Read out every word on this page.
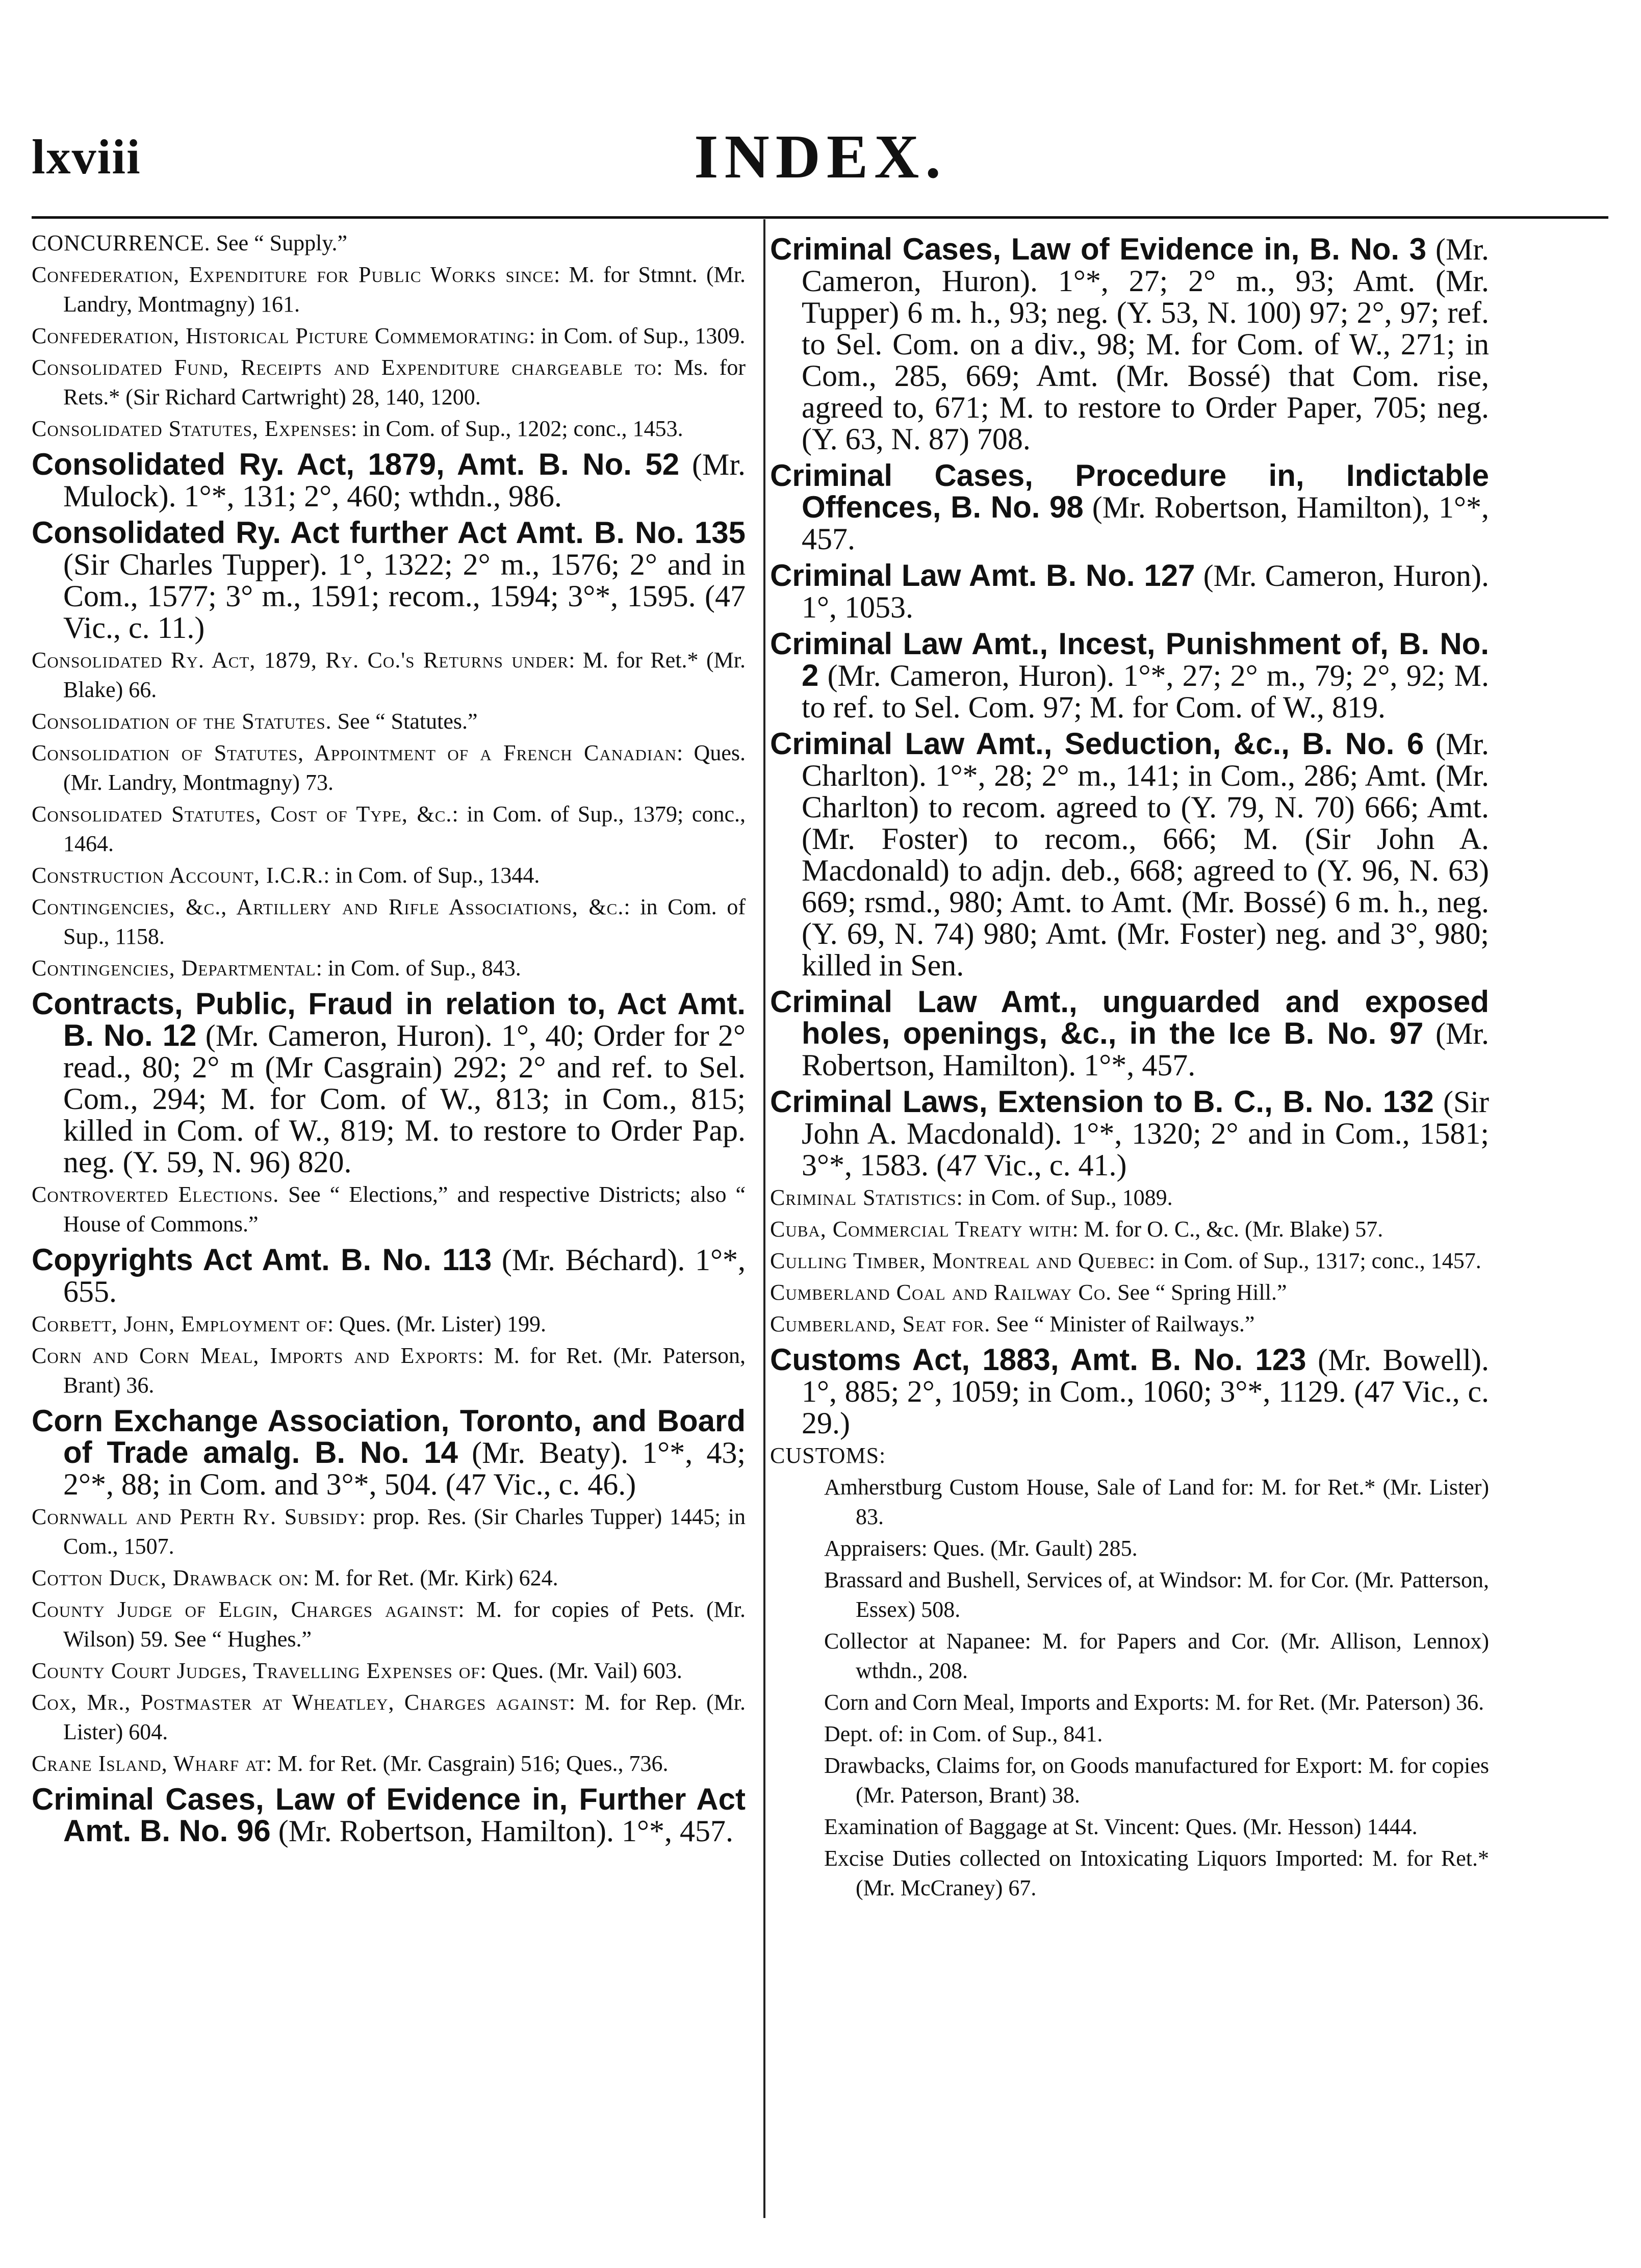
lxviii	INDEX.
CONCURRENCE. See “ Supply.”
Confederation, Expenditure for Public Works since: M. for Stmnt. (Mr. Landry, Montmagny) 161.
Confederation, Historical Picture Commemorating: in Com. of Sup., 1309.
Consolidated Fund, Receipts and Expenditure chargeable to: Ms. for Rets.* (Sir Richard Cartwright) 28, 140, 1200.
Consolidated Statutes, Expenses: in Com. of Sup., 1202; conc., 1453.
Consolidated Ry. Act, 1879, Amt. B. No. 52 (Mr. Mulock). 1°*, 131; 2°, 460; wthdn., 986.
Consolidated Ry. Act further Act Amt. B. No. 135 (Sir Charles Tupper). 1°, 1322; 2° m., 1576; 2° and in Com., 1577; 3° m., 1591; recom., 1594; 3°*, 1595. (47 Vic., c. 11.)
Consolidated Ry. Act, 1879, Ry. Co.'s Returns under: M. for Ret.* (Mr. Blake) 66.
Consolidation of the Statutes. See “ Statutes.”
Consolidation of Statutes, Appointment of a French Canadian: Ques. (Mr. Landry, Montmagny) 73.
Consolidated Statutes, Cost of Type, &c.: in Com. of Sup., 1379; conc., 1464.
Construction Account, I.C.R.: in Com. of Sup., 1344.
Contingencies, &c., Artillery and Rifle Associations, &c.: in Com. of Sup., 1158.
Contingencies, Departmental: in Com. of Sup., 843.
Contracts, Public, Fraud in relation to, Act Amt. B. No. 12 (Mr. Cameron, Huron). 1°, 40; Order for 2° read., 80; 2° m (Mr Casgrain) 292; 2° and ref. to Sel. Com., 294; M. for Com. of W., 813; in Com., 815; killed in Com. of W., 819; M. to restore to Order Pap. neg. (Y. 59, N. 96) 820.
Controverted Elections. See “ Elections,” and respective Districts; also “ House of Commons.”
Copyrights Act Amt. B. No. 113 (Mr. Béchard). 1°*, 655.
Corbett, John, Employment of: Ques. (Mr. Lister) 199.
Corn and Corn Meal, Imports and Exports: M. for Ret. (Mr. Paterson, Brant) 36.
Corn Exchange Association, Toronto, and Board of Trade amalg. B. No. 14 (Mr. Beaty). 1°*, 43; 2°*, 88; in Com. and 3°*, 504. (47 Vic., c. 46.)
Cornwall and Perth Ry. Subsidy: prop. Res. (Sir Charles Tupper) 1445; in Com., 1507.
Cotton Duck, Drawback on: M. for Ret. (Mr. Kirk) 624.
County Judge of Elgin, Charges against: M. for copies of Pets. (Mr. Wilson) 59. See “ Hughes.”
County Court Judges, Travelling Expenses of: Ques. (Mr. Vail) 603.
Cox, Mr., Postmaster at Wheatley, Charges against: M. for Rep. (Mr. Lister) 604.
Crane Island, Wharf at: M. for Ret. (Mr. Casgrain) 516; Ques., 736.
Criminal Cases, Law of Evidence in, Further Act Amt. B. No. 96 (Mr. Robertson, Hamilton). 1°*, 457.
Criminal Cases, Law of Evidence in, B. No. 3 (Mr. Cameron, Huron). 1°*, 27; 2° m., 93; Amt. (Mr. Tupper) 6 m. h., 93; neg. (Y. 53, N. 100) 97; 2°, 97; ref. to Sel. Com. on a div., 98; M. for Com. of W., 271; in Com., 285, 669; Amt. (Mr. Bossé) that Com. rise, agreed to, 671; M. to restore to Order Paper, 705; neg. (Y. 63, N. 87) 708.
Criminal Cases, Procedure in, Indictable Offences, B. No. 98 (Mr. Robertson, Hamilton), 1°*, 457.
Criminal Law Amt. B. No. 127 (Mr. Cameron, Huron). 1°, 1053.
Criminal Law Amt., Incest, Punishment of, B. No. 2 (Mr. Cameron, Huron). 1°*, 27; 2° m., 79; 2°, 92; M. to ref. to Sel. Com. 97; M. for Com. of W., 819.
Criminal Law Amt., Seduction, &c., B. No. 6 (Mr. Charlton). 1°*, 28; 2° m., 141; in Com., 286; Amt. (Mr. Charlton) to recom. agreed to (Y. 79, N. 70) 666; Amt. (Mr. Foster) to recom., 666; M. (Sir John A. Macdonald) to adjn. deb., 668; agreed to (Y. 96, N. 63) 669; rsmd., 980; Amt. to Amt. (Mr. Bossé) 6 m. h., neg. (Y. 69, N. 74) 980; Amt. (Mr. Foster) neg. and 3°, 980; killed in Sen.
Criminal Law Amt., unguarded and exposed holes, openings, &c., in the Ice B. No. 97 (Mr. Robertson, Hamilton). 1°*, 457.
Criminal Laws, Extension to B. C., B. No. 132 (Sir John A. Macdonald). 1°*, 1320; 2° and in Com., 1581; 3°*, 1583. (47 Vic., c. 41.)
Criminal Statistics: in Com. of Sup., 1089.
Cuba, Commercial Treaty with: M. for O. C., &c. (Mr. Blake) 57.
Culling Timber, Montreal and Quebec: in Com. of Sup., 1317; conc., 1457.
Cumberland Coal and Railway Co. See “ Spring Hill.”
Cumberland, Seat for. See “ Minister of Railways.”
Customs Act, 1883, Amt. B. No. 123 (Mr. Bowell). 1°, 885; 2°, 1059; in Com., 1060; 3°*, 1129. (47 Vic., c. 29.)
CUSTOMS:
Amherstburg Custom House, Sale of Land for: M. for Ret.* (Mr. Lister) 83.
Appraisers: Ques. (Mr. Gault) 285.
Brassard and Bushell, Services of, at Windsor: M. for Cor. (Mr. Patterson, Essex) 508.
Collector at Napanee: M. for Papers and Cor. (Mr. Allison, Lennox) wthdn., 208.
Corn and Corn Meal, Imports and Exports: M. for Ret. (Mr. Paterson) 36.
Dept. of: in Com. of Sup., 841.
Drawbacks, Claims for, on Goods manufactured for Export: M. for copies (Mr. Paterson, Brant) 38.
Examination of Baggage at St. Vincent: Ques. (Mr. Hesson) 1444.
Excise Duties collected on Intoxicating Liquors Imported: M. for Ret.* (Mr. McCraney) 67.
